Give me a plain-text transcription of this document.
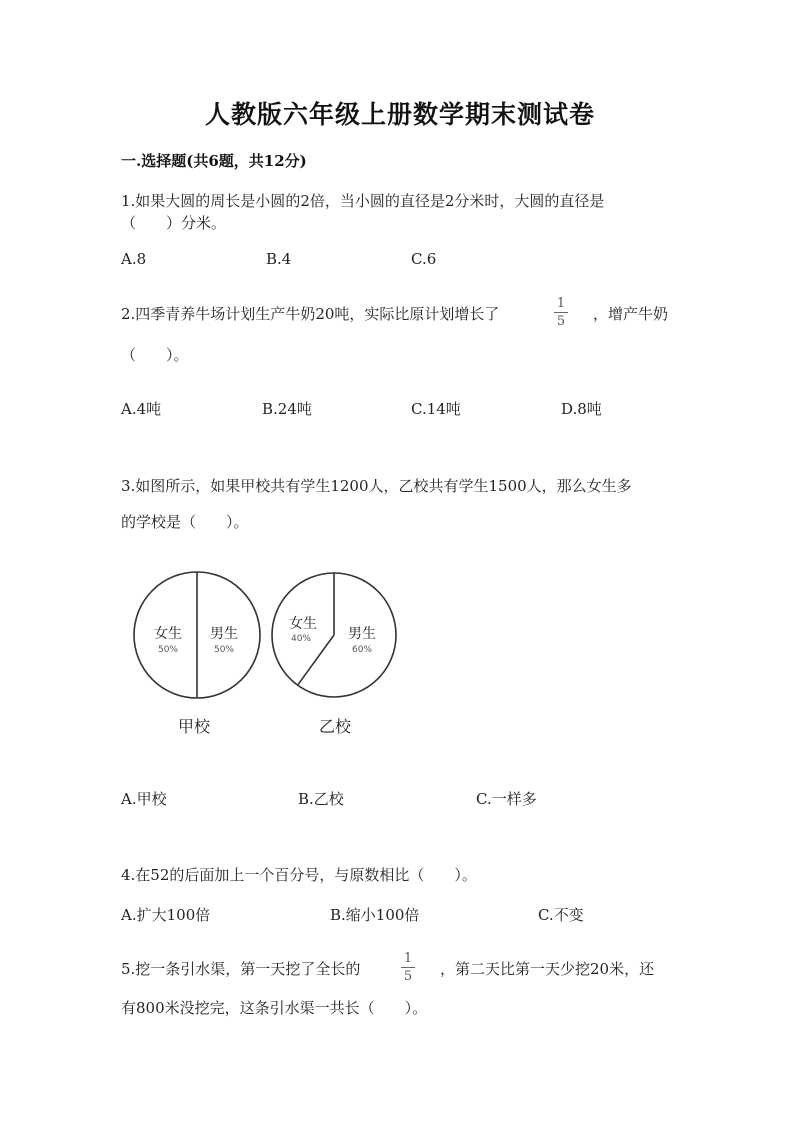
人教版六年级上册数学期末测试卷
一.选择题(共6题，共12分)
1.如果大圆的周长是小圆的2倍，当小圆的直径是2分米时，大圆的直径是
（　　）分米。
A.8	B.4	C.6
2.四季青养牛场计划生产牛奶20吨，实际比原计划增长了
1
5	，增产牛奶
（　　）。
A.4吨	B.24吨	C.14吨	D.8吨
3.如图所示，如果甲校共有学生1200人，乙校共有学生1500人，那么女生多
的学校是（　　）。
女生
50%
男生
50%
甲校
女生
40%	男生
60%
乙校
A.甲校	B.乙校	C.一样多
4.在52的后面加上一个百分号，与原数相比（　　）。
A.扩大100倍	B.缩小100倍	C.不变
5.挖一条引水渠，第一天挖了全长的
1
5	，第二天比第一天少挖20米，还
有800米没挖完，这条引水渠一共长（　　）。
